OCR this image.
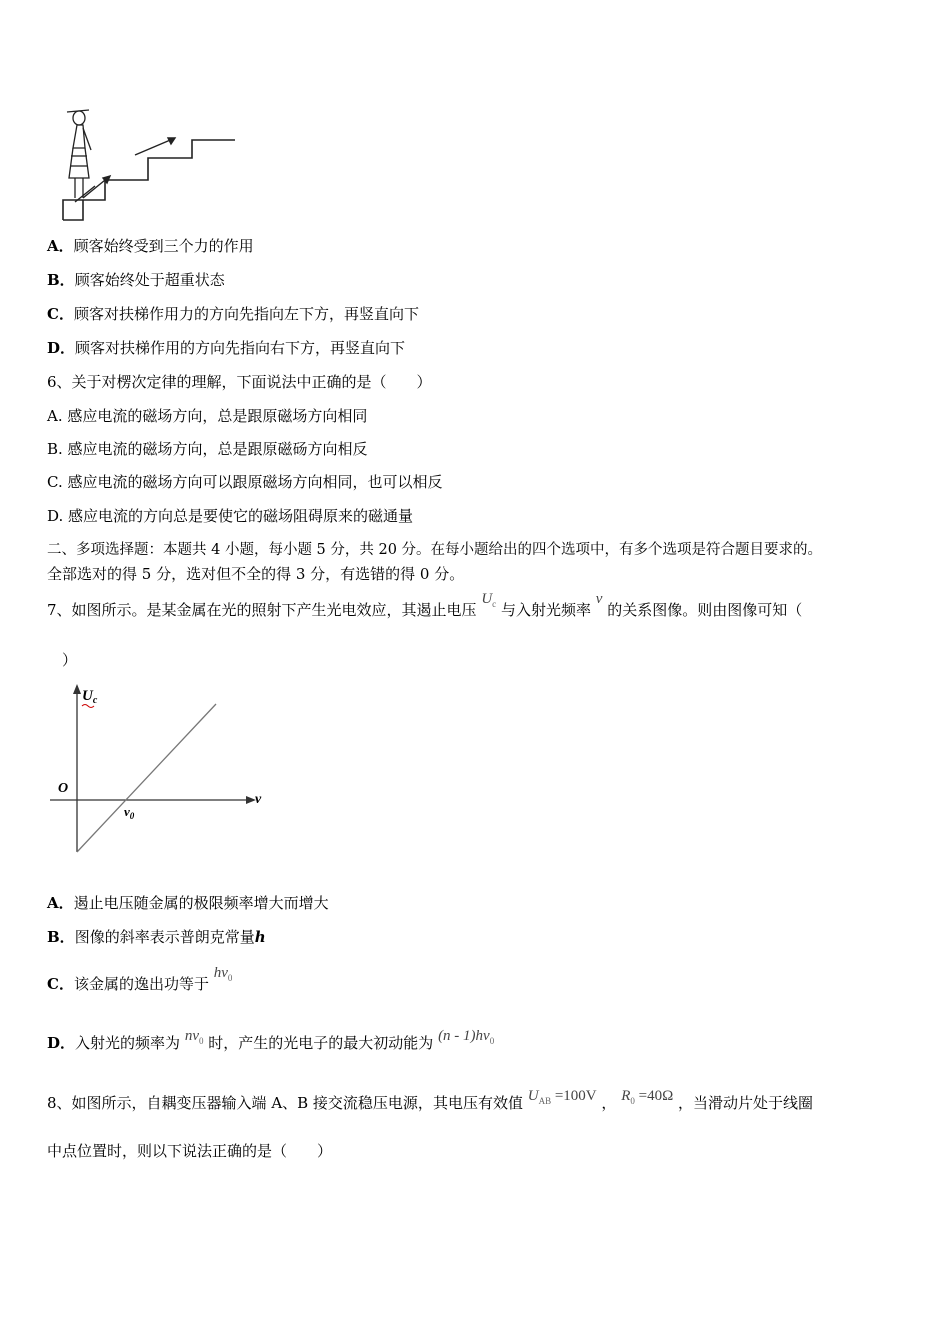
A．顾客始终受到三个力的作用
B．顾客始终处于超重状态
C．顾客对扶梯作用力的方向先指向左下方，再竖直向下
D．顾客对扶梯作用的方向先指向右下方，再竖直向下
6、关于对楞次定律的理解，下面说法中正确的是（　　）
A. 感应电流的磁场方向，总是跟原磁场方向相同
B. 感应电流的磁场方向，总是跟原磁砀方向相反
C. 感应电流的磁场方向可以跟原磁场方向相同，也可以相反
D. 感应电流的方向总是要使它的磁场阻碍原来的磁通量
二、多项选择题：本题共 4 小题，每小题 5 分，共 20 分。在每小题给出的四个选项中，有多个选项是符合题目要求的。
全部选对的得 5 分，选对但不全的得 3 分，有选错的得 0 分。
7、如图所示。是某金属在光的照射下产生光电效应，其遏止电压 $U_c$ 与入射光频率 ν 的关系图像。则由图像可知（
）
$U_c$
O
ν
$\nu_0$
A．遏止电压随金属的极限频率增大而增大
B．图像的斜率表示普朗克常量h
C．该金属的逸出功等于 $h\nu_0$
D．入射光的频率为 $n\nu_0$ 时，产生的光电子的最大初动能为 $(n - 1)h\nu_0$
8、如图所示，自耦变压器输入端 A、B 接交流稳压电源，其电压有效值 $U_{AB} =100V$ ， $R_0 =40\Omega$ ，当滑动片处于线圈
中点位置时，则以下说法正确的是（　　）
